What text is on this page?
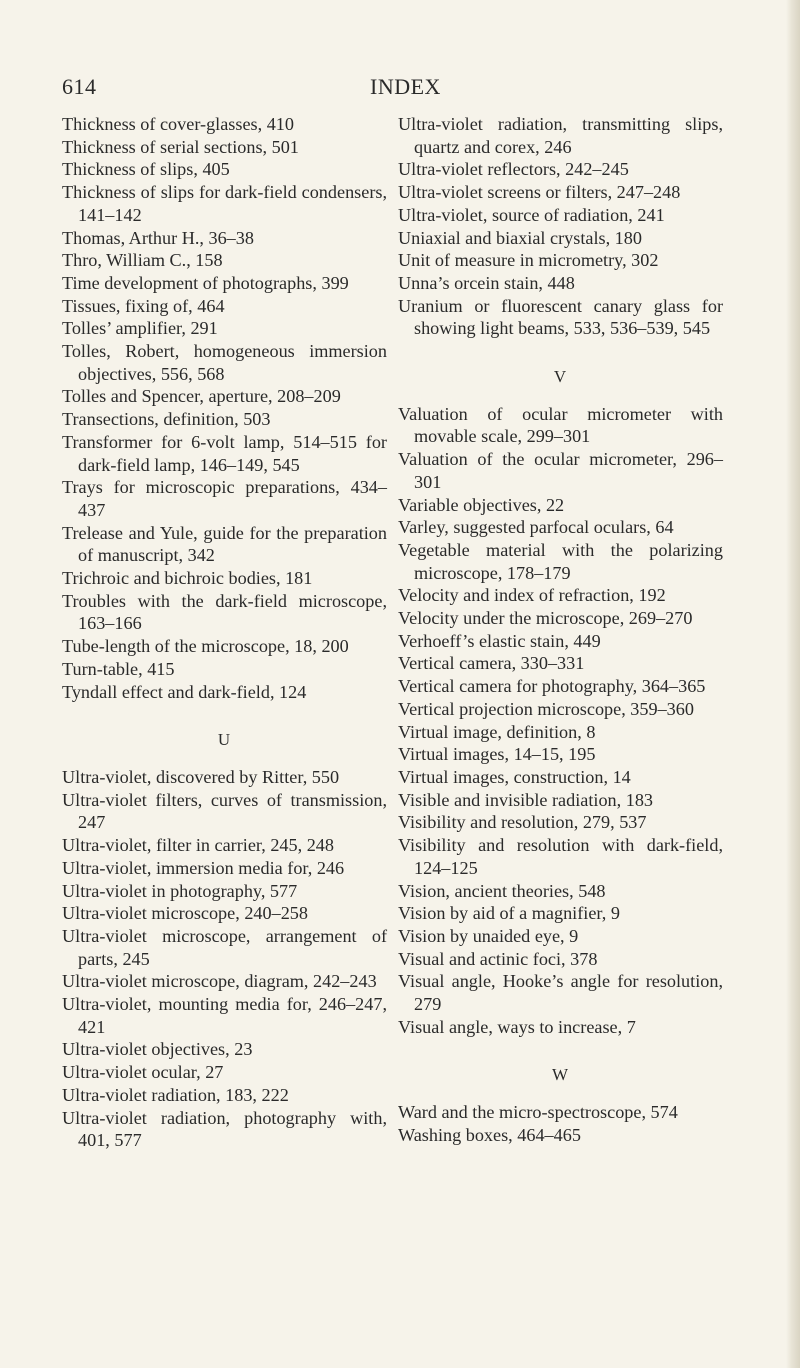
614	INDEX

Thickness of cover-glasses, 410

Thickness of serial sections, 501

Thickness of slips, 405

Thickness of slips for dark-field condensers, 141–142

Thomas, Arthur H., 36–38

Thro, William C., 158

Time development of photographs, 399

Tissues, fixing of, 464

Tolles’ amplifier, 291

Tolles, Robert, homogeneous immersion objectives, 556, 568

Tolles and Spencer, aperture, 208–209

Transections, definition, 503

Transformer for 6-volt lamp, 514–515 for dark-field lamp, 146–149, 545

Trays for microscopic preparations, 434–437

Trelease and Yule, guide for the preparation of manuscript, 342

Trichroic and bichroic bodies, 181

Troubles with the dark-field microscope, 163–166

Tube-length of the microscope, 18, 200

Turn-table, 415

Tyndall effect and dark-field, 124

U

Ultra-violet, discovered by Ritter, 550

Ultra-violet filters, curves of transmission, 247

Ultra-violet, filter in carrier, 245, 248

Ultra-violet, immersion media for, 246

Ultra-violet in photography, 577

Ultra-violet microscope, 240–258

Ultra-violet microscope, arrangement of parts, 245

Ultra-violet microscope, diagram, 242–243

Ultra-violet, mounting media for, 246–247, 421

Ultra-violet objectives, 23

Ultra-violet ocular, 27

Ultra-violet radiation, 183, 222

Ultra-violet radiation, photography with, 401, 577

Ultra-violet radiation, transmitting slips, quartz and corex, 246

Ultra-violet reflectors, 242–245

Ultra-violet screens or filters, 247–248

Ultra-violet, source of radiation, 241

Uniaxial and biaxial crystals, 180

Unit of measure in micrometry, 302

Unna’s orcein stain, 448

Uranium or fluorescent canary glass for showing light beams, 533, 536–539, 545

V

Valuation of ocular micrometer with movable scale, 299–301

Valuation of the ocular micrometer, 296–301

Variable objectives, 22

Varley, suggested parfocal oculars, 64

Vegetable material with the polarizing microscope, 178–179

Velocity and index of refraction, 192

Velocity under the microscope, 269–270

Verhoeff’s elastic stain, 449

Vertical camera, 330–331

Vertical camera for photography, 364–365

Vertical projection microscope, 359–360

Virtual image, definition, 8

Virtual images, 14–15, 195

Virtual images, construction, 14

Visible and invisible radiation, 183

Visibility and resolution, 279, 537

Visibility and resolution with dark-field, 124–125

Vision, ancient theories, 548

Vision by aid of a magnifier, 9

Vision by unaided eye, 9

Visual and actinic foci, 378

Visual angle, Hooke’s angle for resolution, 279

Visual angle, ways to increase, 7

W

Ward and the micro-spectroscope, 574

Washing boxes, 464–465
